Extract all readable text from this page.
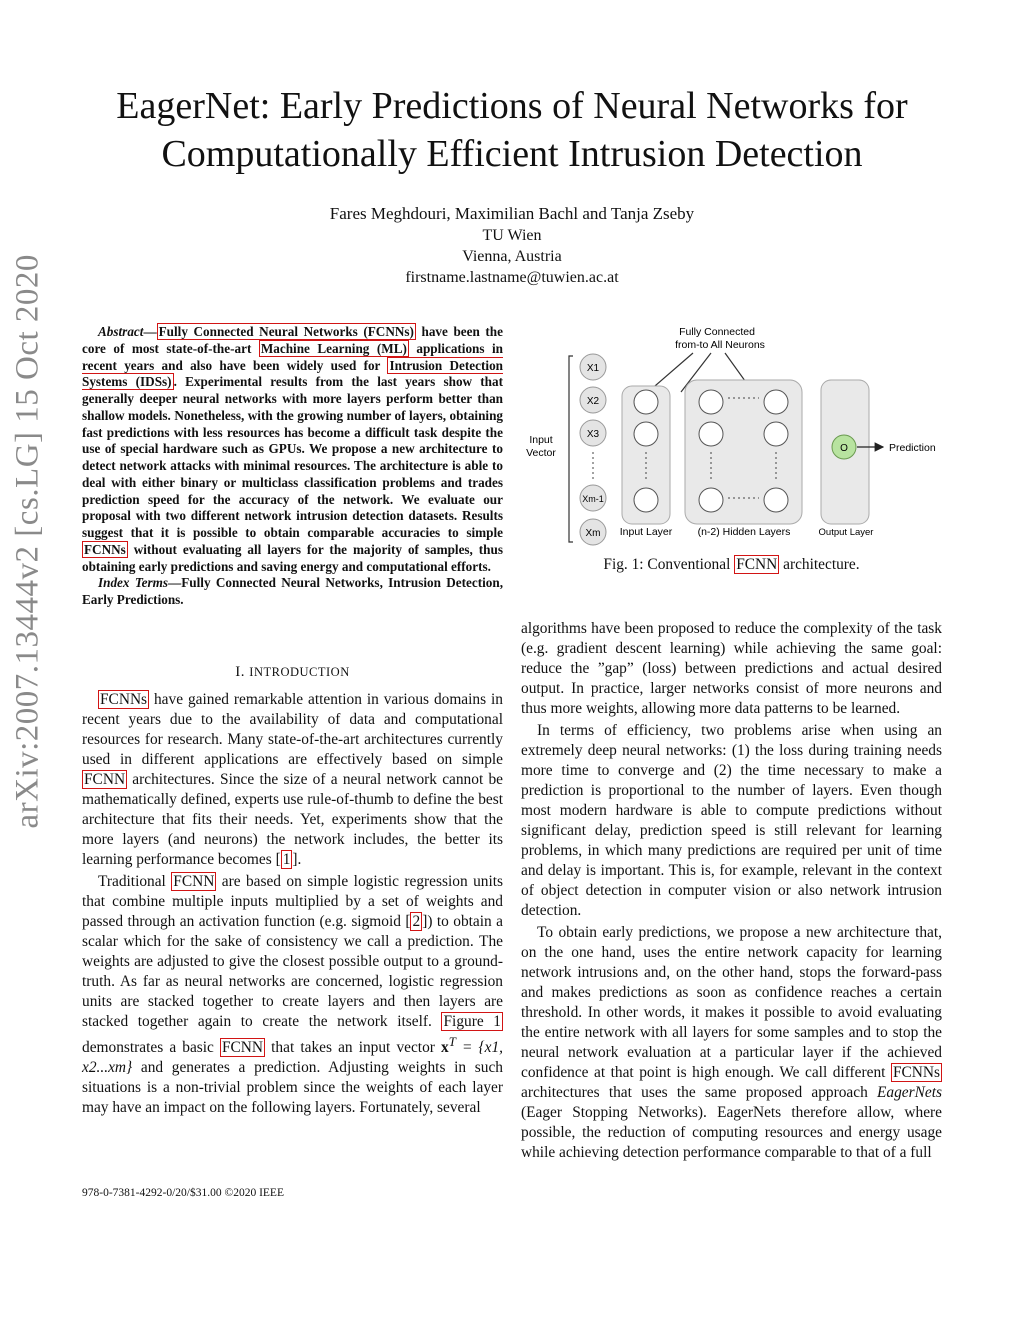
arXiv:2007.13444v2 [cs.LG] 15 Oct 2020
EagerNet: Early Predictions of Neural Networks for
Computationally Efficient Intrusion Detection
Fares Meghdouri, Maximilian Bachl and Tanja Zseby
TU Wien
Vienna, Austria
firstname.lastname@tuwien.ac.at

Abstract— Fully Connected Neural Networks (FCNNs) have been the core of most state-of-the-art Machine Learning (ML) applications in recent years and also have been widely used for Intrusion Detection Systems (IDSs) . Experimental results from the last years show that generally deeper neural networks with more layers perform better than shallow models. Nonetheless, with the growing number of layers, obtaining fast predictions with less resources has become a difficult task despite the use of special hardware such as GPUs. We propose a new architecture to detect network attacks with minimal resources. The architecture is able to deal with either binary or multiclass classification problems and trades prediction speed for the accuracy of the network. We evaluate our proposal with two different network intrusion detection datasets. Results suggest that it is possible to obtain comparable accuracies to simple FCNNs without evaluating all layers for the majority of samples, thus obtaining early predictions and saving energy and computational efforts.

Index Terms—Fully Connected Neural Networks, Intrusion Detection, Early Predictions.

I. INTRODUCTION

FCNNs have gained remarkable attention in various domains in recent years due to the availability of data and computational resources for research. Many state-of-the-art architectures currently used in different applications are effectively based on simple FCNN architectures. Since the size of a neural network cannot be mathematically defined, experts use rule-of-thumb to define the best architecture that fits their needs. Yet, experiments show that the more layers (and neurons) the network includes, the better its learning performance becomes [ 1 ].

Traditional FCNN are based on simple logistic regression units that combine multiple inputs multiplied by a set of weights and passed through an activation function (e.g. sigmoid [ 2 ]) to obtain a scalar which for the sake of consistency we call a prediction. The weights are adjusted to give the closest possible output to a ground-truth. As far as neural networks are concerned, logistic regression units are stacked together to create layers and then layers are stacked together again to create the network itself. Figure 1 demonstrates a basic FCNN that takes an input vector $x^T = \{x1$, x2...xm} and generates a prediction. Adjusting weights in such situations is a non-trivial problem since the weights of each layer may have an impact on the following layers. Fortunately, several

978-0-7381-4292-0/20/$31.00 ©2020 IEEE
Fully Connected
from-to All Neurons
Input
Vector
X1
X2
X3
Xm-1
Xm
O	Prediction
Input Layer (n-2) Hidden Layers	Output Layer
Fig. 1: Conventional FCNN architecture.

algorithms have been proposed to reduce the complexity of the task (e.g. gradient descent learning) while achieving the same goal: reduce the ”gap” (loss) between predictions and actual desired output. In practice, larger networks consist of more neurons and thus more weights, allowing more data patterns to be learned.

In terms of efficiency, two problems arise when using an extremely deep neural networks: (1) the loss during training needs more time to converge and (2) the time necessary to make a prediction is proportional to the number of layers. Even though most modern hardware is able to compute predictions without significant delay, prediction speed is still relevant for learning problems, in which many predictions are required per unit of time and delay is important. This is, for example, relevant in the context of object detection in computer vision or also network intrusion detection.

To obtain early predictions, we propose a new architecture that, on the one hand, uses the entire network capacity for learning network intrusions and, on the other hand, stops the forward-pass and makes predictions as soon as confidence reaches a certain threshold. In other words, it makes it possible to avoid evaluating the entire network with all layers for some samples and to stop the neural network evaluation at a particular layer if the achieved confidence at that point is high enough. We call different FCNNs architectures that uses the same proposed approach EagerNets (Eager Stopping Networks). EagerNets therefore allow, where possible, the reduction of computing resources and energy usage while achieving detection performance comparable to that of a full
